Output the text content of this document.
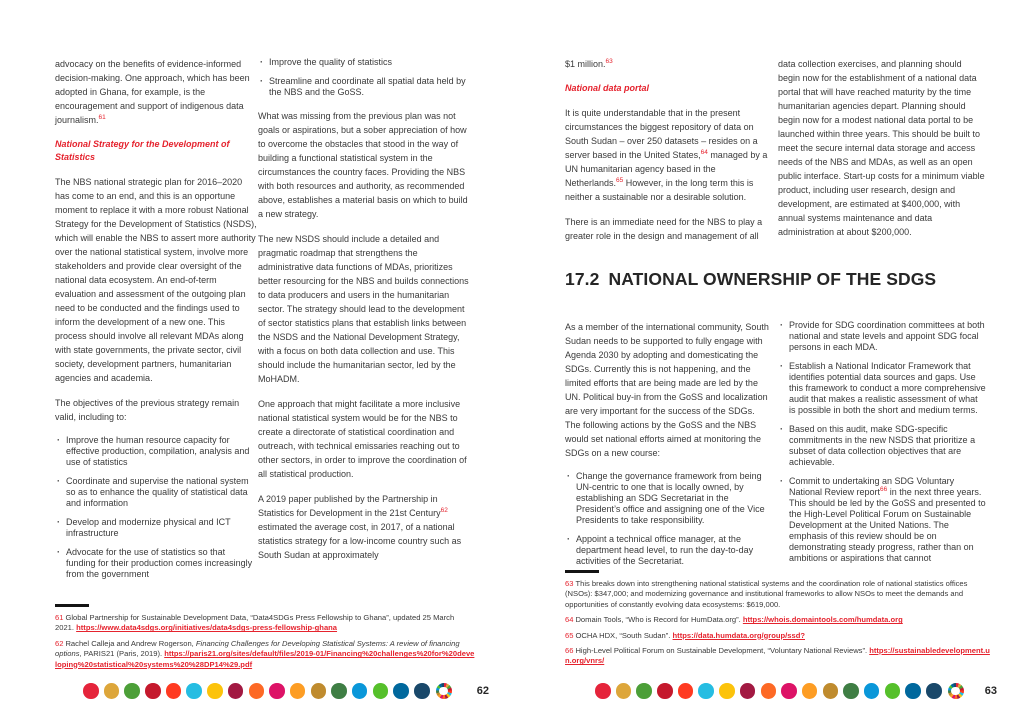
advocacy on the benefits of evidence-informed decision-making. One approach, which has been adopted in Ghana, for example, is the encouragement and support of indigenous data journalism.$^{61}$

National Strategy for the Development of Statistics

The NBS national strategic plan for 2016–2020 has come to an end, and this is an opportune moment to replace it with a more robust National Strategy for the Development of Statistics (NSDS), which will enable the NBS to assert more authority over the national statistical system, involve more stakeholders and provide clear oversight of the national data ecosystem. An end-of-term evaluation and assessment of the outgoing plan need to be conducted and the findings used to inform the development of a new one. This process should involve all relevant MDAs along with state governments, the private sector, civil society, development partners, humanitarian agencies and academia.

The objectives of the previous strategy remain valid, including to:

· Improve the human resource capacity for effective production, compilation, analysis and use of statistics
· Coordinate and supervise the national system so as to enhance the quality of statistical data and information
· Develop and modernize physical and ICT infrastructure
· Advocate for the use of statistics so that funding for their production comes increasingly from the government
· Improve the quality of statistics
· Streamline and coordinate all spatial data held by the NBS and the GoSS.

What was missing from the previous plan was not goals or aspirations, but a sober appreciation of how to overcome the obstacles that stood in the way of building a functional statistical system in the circumstances the country faces. Providing the NBS with both resources and authority, as recommended above, establishes a material basis on which to build a new strategy.

The new NSDS should include a detailed and pragmatic roadmap that strengthens the administrative data functions of MDAs, prioritizes better resourcing for the NBS and builds connections to data producers and users in the humanitarian sector. The strategy should lead to the development of sector statistics plans that establish links between the NSDS and the National Development Strategy, with a focus on both data collection and use. This should include the humanitarian sector, led by the MoHADM.

One approach that might facilitate a more inclusive national statistical system would be for the NBS to create a directorate of statistical coordination and outreach, with technical emissaries reaching out to other sectors, in order to improve the coordination of all statistical production.

A 2019 paper published by the Partnership in Statistics for Development in the 21st Century$^{62}$ estimated the average cost, in 2017, of a national statistics strategy for a low-income country such as South Sudan at approximately

61 Global Partnership for Sustainable Development Data, “Data4SDGs Press Fellowship to Ghana”, updated 25 March 2021. https://www.data4sdgs.org/initiatives/data4sdgs-press-fellowship-ghana

62 Rachel Calleja and Andrew Rogerson, Financing Challenges for Developing Statistical Systems: A review of financing options, PARIS21 (Paris, 2019). https://paris21.org/sites/default/files/2019-01/Financing%20challenges%20for%20developing%20statistical%20systems%20%28DP14%29.pdf

62

$1 million.$^{63}$

National data portal

It is quite understandable that in the present circumstances the biggest repository of data on South Sudan – over 250 datasets – resides on a server based in the United States,$^{64}$ managed by a UN humanitarian agency based in the Netherlands.$^{65}$ However, in the long term this is neither a sustainable nor a desirable solution.

There is an immediate need for the NBS to play a greater role in the design and management of all

data collection exercises, and planning should begin now for the establishment of a national data portal that will have reached maturity by the time humanitarian agencies depart. Planning should begin now for a modest national data portal to be launched within three years. This should be built to meet the secure internal data storage and access needs of the NBS and MDAs, as well as an open public interface. Start-up costs for a minimum viable product, including user research, design and development, are estimated at $400,000, with annual systems maintenance and data administration at about $200,000.

17.2 NATIONAL OWNERSHIP OF THE SDGS

As a member of the international community, South Sudan needs to be supported to fully engage with Agenda 2030 by adopting and domesticating the SDGs. Currently this is not happening, and the limited efforts that are being made are led by the UN. Political buy-in from the GoSS and localization are very important for the success of the SDGs. The following actions by the GoSS and the NBS would set national efforts aimed at monitoring the SDGs on a new course:

· Change the governance framework from being UN-centric to one that is locally owned, by establishing an SDG Secretariat in the President’s office and assigning one of the Vice Presidents to take responsibility.
· Appoint a technical office manager, at the department head level, to run the day-to-day activities of the Secretariat.
· Provide for SDG coordination committees at both national and state levels and appoint SDG focal persons in each MDA.
· Establish a National Indicator Framework that identifies potential data sources and gaps. Use this framework to conduct a more comprehensive audit that makes a realistic assessment of what is possible in both the short and medium terms.
· Based on this audit, make SDG-specific commitments in the new NSDS that prioritize a subset of data collection objectives that are achievable.
· Commit to undertaking an SDG Voluntary National Review report$^{66}$ in the next three years. This should be led by the GoSS and presented to the High-Level Political Forum on Sustainable Development at the United Nations. The emphasis of this review should be on demonstrating steady progress, rather than on ambitions or aspirations that cannot

63 This breaks down into strengthening national statistical systems and the coordination role of national statistics offices (NSOs): $347,000; and modernizing governance and institutional frameworks to allow NSOs to meet the demands and opportunities of constantly evolving data ecosystems: $619,000.

64 Domain Tools, “Who is Record for HumData.org”. https://whois.domaintools.com/humdata.org

65 OCHA HDX, “South Sudan”. https://data.humdata.org/group/ssd?

66 High-Level Political Forum on Sustainable Development, “Voluntary National Reviews”. https://sustainabledevelopment.un.org/vnrs/

63
